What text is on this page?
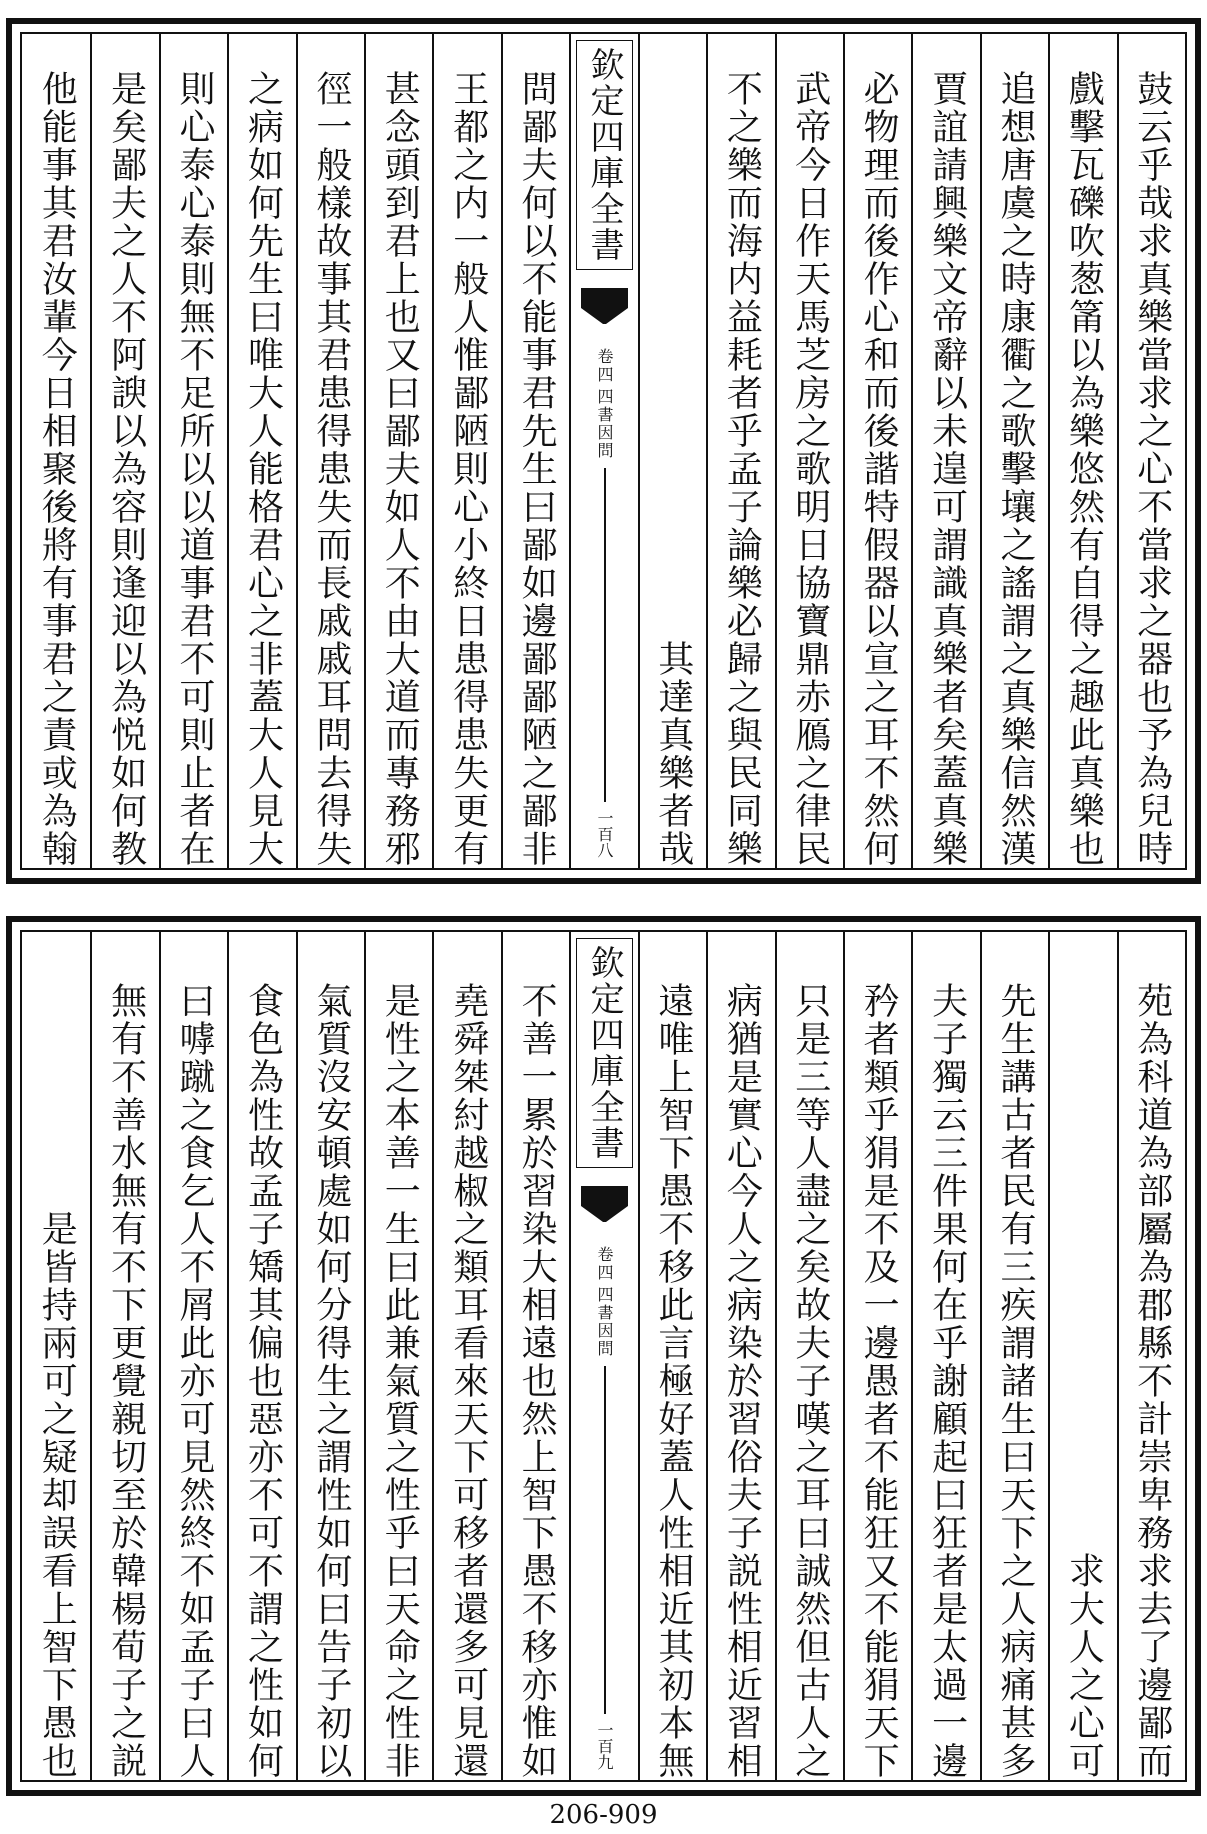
鼓云乎哉求真樂當求之心不當求之器也予為兒時
戲擊瓦礫吹葱筩以為樂悠然有自得之趣此真樂也
追想唐虞之時康衢之歌擊壤之謠謂之真樂信然漢
賈誼請興樂文帝辭以未遑可謂識真樂者矣蓋真樂
必物理而後作心和而後諧特假器以宣之耳不然何
武帝今日作天馬芝房之歌明日協寶鼎赤鴈之律民
不之樂而海内益耗者乎孟子論樂必歸之與民同樂
其達真樂者哉
欽定四庫全書
四書因問
卷四
一百八
問鄙夫何以不能事君先生曰鄙如邊鄙鄙陋之鄙非
王都之内一般人惟鄙陋則心小終日患得患失更有
甚念頭到君上也又曰鄙夫如人不由大道而專務邪
徑一般樣故事其君患得患失而長戚戚耳問去得失
之病如何先生曰唯大人能格君心之非蓋大人見大
則心泰心泰則無不足所以以道事君不可則止者在
是矣鄙夫之人不阿諛以為容則逢迎以為悦如何教
他能事其君汝輩今日相聚後將有事君之責或為翰
苑為科道為部屬為郡縣不計崇卑務求去了邊鄙而
求大人之心可
先生講古者民有三疾謂諸生曰天下之人病痛甚多
夫子獨云三件果何在乎謝顧起曰狂者是太過一邊
矜者類乎狷是不及一邊愚者不能狂又不能狷天下
只是三等人盡之矣故夫子嘆之耳曰誠然但古人之
病猶是實心今人之病染於習俗夫子説性相近習相
遠唯上智下愚不移此言極好蓋人性相近其初本無
欽定四庫全書
四書因問
卷四
一百九
不善一累於習染大相遠也然上智下愚不移亦惟如
堯舜桀紂越椒之類耳看來天下可移者還多可見還
是性之本善一生曰此兼氣質之性乎曰天命之性非
氣質沒安頓處如何分得生之謂性如何曰告子初以
食色為性故孟子矯其偏也惡亦不可不謂之性如何
曰嘑蹴之食乞人不屑此亦可見然終不如孟子曰人
無有不善水無有不下更覺親切至於韓楊荀子之説
是皆持兩可之疑却誤看上智下愚也
206-909
